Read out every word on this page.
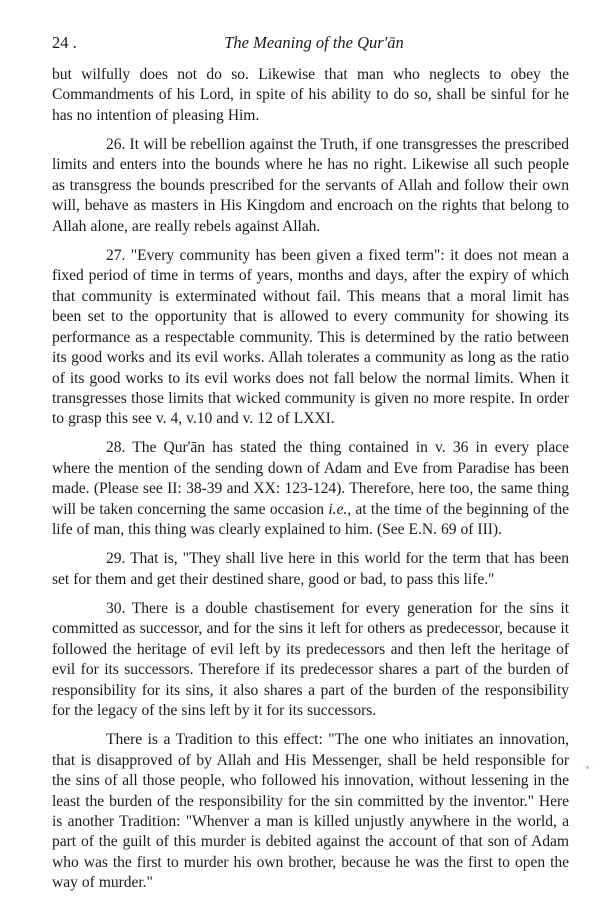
24 .	The Meaning of the Qur'ān

but wilfully does not do so. Likewise that man who neglects to obey the Commandments of his Lord, in spite of his ability to do so, shall be sinful for he has no intention of pleasing Him.

26. It will be rebellion against the Truth, if one transgresses the prescribed limits and enters into the bounds where he has no right. Likewise all such people as transgress the bounds prescribed for the servants of Allah and follow their own will, behave as masters in His Kingdom and encroach on the rights that belong to Allah alone, are really rebels against Allah.

27. "Every community has been given a fixed term": it does not mean a fixed period of time in terms of years, months and days, after the expiry of which that community is exterminated without fail. This means that a moral limit has been set to the opportunity that is allowed to every community for showing its performance as a respectable community. This is determined by the ratio between its good works and its evil works. Allah tolerates a community as long as the ratio of its good works to its evil works does not fall below the normal limits. When it transgresses those limits that wicked community is given no more respite. In order to grasp this see v. 4, v.10 and v. 12 of LXXI.

28. The Qur'ān has stated the thing contained in v. 36 in every place where the mention of the sending down of Adam and Eve from Paradise has been made. (Please see II: 38-39 and XX: 123-124). Therefore, here too, the same thing will be taken concerning the same occasion i.e., at the time of the beginning of the life of man, this thing was clearly explained to him. (See E.N. 69 of III).

29. That is, "They shall live here in this world for the term that has been set for them and get their destined share, good or bad, to pass this life."

30. There is a double chastisement for every generation for the sins it committed as successor, and for the sins it left for others as predecessor, because it followed the heritage of evil left by its predecessors and then left the heritage of evil for its successors. Therefore if its predecessor shares a part of the burden of responsibility for its sins, it also shares a part of the burden of the responsibility for the legacy of the sins left by it for its successors.

There is a Tradition to this effect: "The one who initiates an innovation, that is disapproved of by Allah and His Messenger, shall be held responsible for the sins of all those people, who followed his innovation, without lessening in the least the burden of the responsibility for the sin committed by the inventor." Here is another Tradition: "Whenver a man is killed unjustly anywhere in the world, a part of the guilt of this murder is debited against the account of that son of Adam who was the first to murder his own brother, because he was the first to open the way of murder."
